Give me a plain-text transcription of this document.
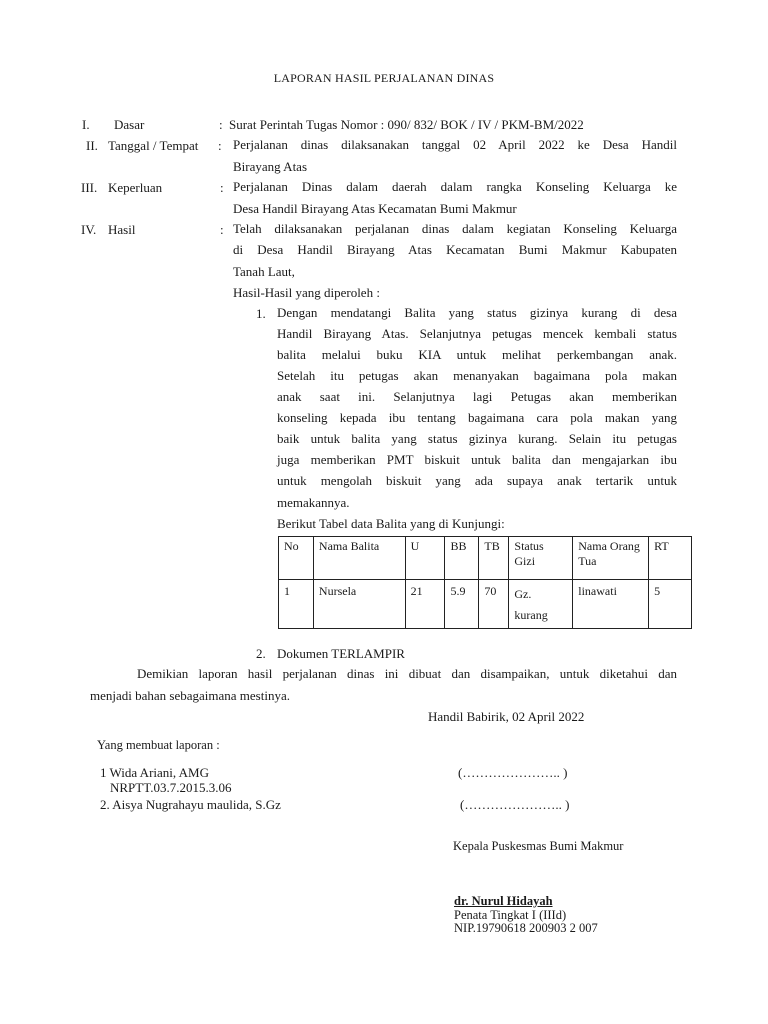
LAPORAN HASIL PERJALANAN DINAS
I. Dasar	: Surat Perintah Tugas Nomor : 090/ 832/ BOK / IV / PKM-BM/2022
II. Tanggal / Tempat : Perjalanan dinas dilaksanakan tanggal 02 April 2022 ke Desa Handil
Birayang Atas
III. Keperluan	: Perjalanan Dinas dalam daerah dalam rangka Konseling Keluarga ke
Desa Handil Birayang Atas Kecamatan Bumi Makmur
IV. Hasil	: Telah dilaksanakan perjalanan dinas dalam kegiatan Konseling Keluarga
di Desa Handil Birayang Atas Kecamatan Bumi Makmur Kabupaten
Tanah Laut,
Hasil-Hasil yang diperoleh :
1. Dengan mendatangi Balita yang status gizinya kurang di desa
Handil Birayang Atas. Selanjutnya petugas mencek kembali status
balita melalui buku KIA untuk melihat perkembangan anak.
Setelah itu petugas akan menanyakan bagaimana pola makan
anak saat ini. Selanjutnya lagi Petugas akan memberikan
konseling kepada ibu tentang bagaimana cara pola makan yang
baik untuk balita yang status gizinya kurang. Selain itu petugas
juga memberikan PMT biskuit untuk balita dan mengajarkan ibu
untuk mengolah biskuit yang ada supaya anak tertarik untuk
memakannya.
Berikut Tabel data Balita yang di Kunjungi:
No	Nama Balita	U	BB	TB	Status Gizi	Nama Orang Tua	RT
1	Nursela	21	5.9	70	Gz. kurang	linawati	5
2. Dokumen TERLAMPIR
Demikian laporan hasil perjalanan dinas ini dibuat dan disampaikan, untuk diketahui dan
menjadi bahan sebagaimana mestinya.
Handil Babirik, 02 April 2022
Yang membuat laporan :
1 Wida Ariani, AMG
NRPTT.03.7.2015.3.06
(………………….. )
2. Aisya Nugrahayu maulida, S.Gz	(………………….. )
Kepala Puskesmas Bumi Makmur
dr. Nurul Hidayah
Penata Tingkat I (IIId)
NIP.19790618 200903 2 007
